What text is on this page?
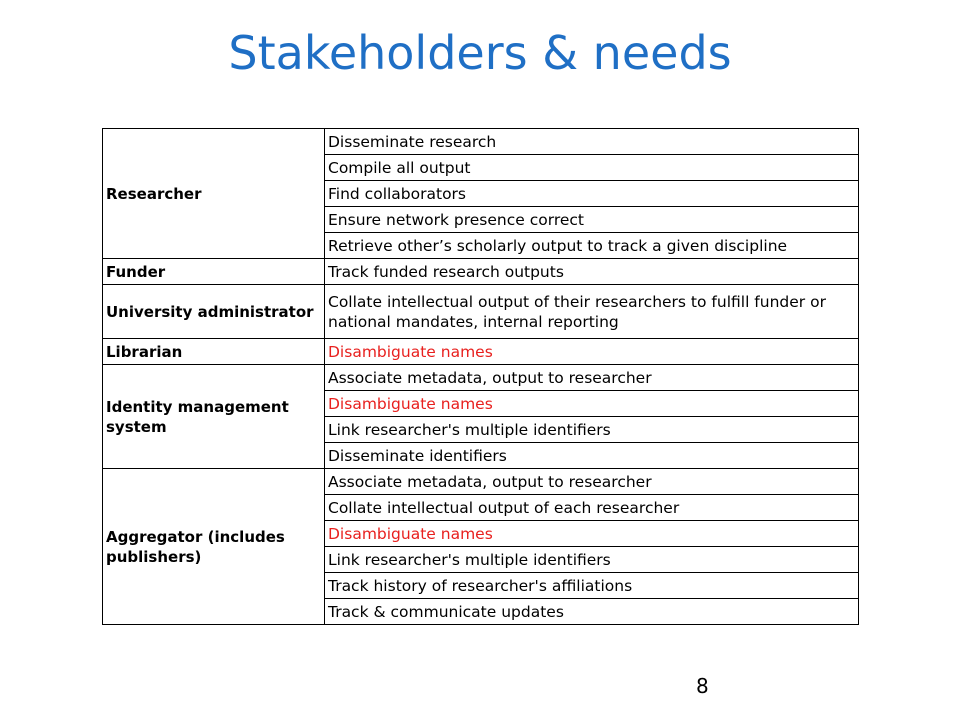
Stakeholders & needs
Researcher	Disseminate research
	Compile all output
	Find collaborators
	Ensure network presence correct
	Retrieve other’s scholarly output to track a given discipline
Funder	Track funded research outputs
University administrator	Collate intellectual output of their researchers to fulfill funder or national mandates, internal reporting
Librarian	Disambiguate names
Identity management system	Associate metadata, output to researcher
	Disambiguate names
	Link researcher's multiple identifiers
	Disseminate identifiers
Aggregator (includes publishers)	Associate metadata, output to researcher
	Collate intellectual output of each researcher
	Disambiguate names
	Link researcher's multiple identifiers
	Track history of researcher's affiliations
	Track & communicate updates
8
